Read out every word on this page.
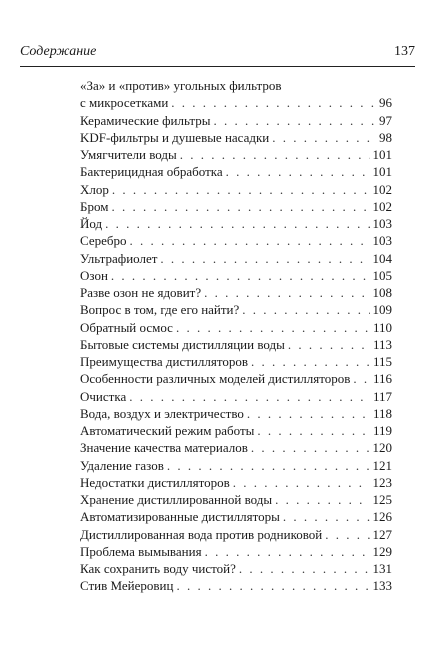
Содержание	137
«За» и «против» угольных фильтров
с микросетками . . .	96
Керамические фильтры . . .	97
KDF-фильтры и душевые насадки . . .	98
Умягчители воды . . .	101
Бактерицидная обработка . . .	101
Хлор . . .	102
Бром . . .	102
Йод . . .	103
Серебро . . .	103
Ультрафиолет . . .	104
Озон . . .	105
Разве озон не ядовит? . . .	108
Вопрос в том, где его найти? . . .	109
Обратный осмос . . .	110
Бытовые системы дистилляции воды . . .	113
Преимущества дистилляторов . . .	115
Особенности различных моделей дистилляторов . . . 116
Очистка . . .	117
Вода, воздух и электричество . . .	118
Автоматический режим работы . . .	119
Значение качества материалов . . .	120
Удаление газов . . .	121
Недостатки дистилляторов . . .	123
Хранение дистиллированной воды . . .	125
Автоматизированные дистилляторы . . .	126
Дистиллированная вода против родниковой . . .	127
Проблема вымывания . . .	129
Как сохранить воду чистой? . . .	131
Стив Мейеровиц . . .	133
